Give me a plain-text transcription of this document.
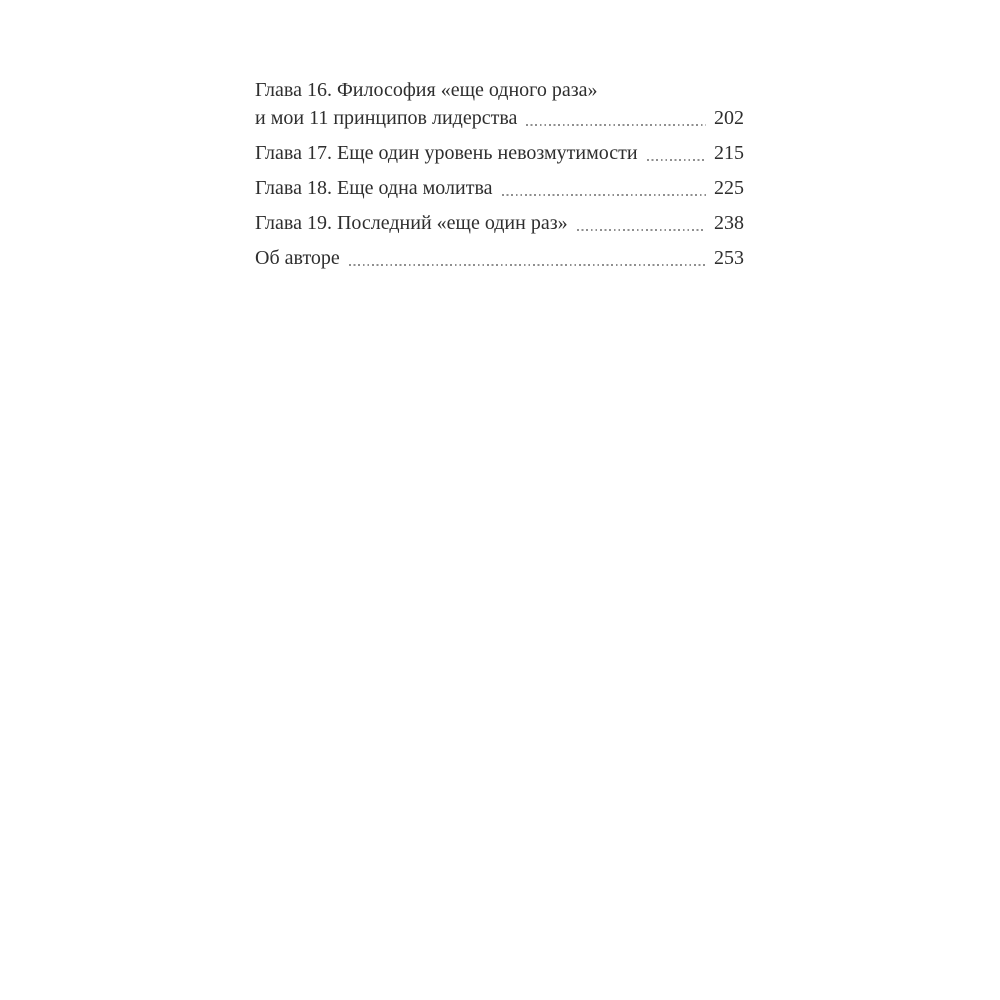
Глава 16. Философия «еще одного раза»
и мои 11 принципов лидерства	202
Глава 17. Еще один уровень невозмутимости	215
Глава 18. Еще одна молитва	225
Глава 19. Последний «еще один раз»	238
Об авторе	253
